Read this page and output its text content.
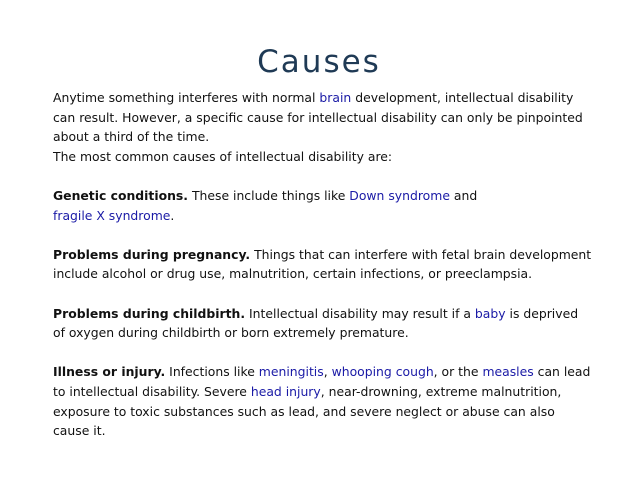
Causes

Anytime something interferes with normal brain development, intellectual disability can result. However, a specific cause for intellectual disability can only be pinpointed about a third of the time.
The most common causes of intellectual disability are:

Genetic conditions. These include things like Down syndrome and
fragile X syndrome.

Problems during pregnancy. Things that can interfere with fetal brain development include alcohol or drug use, malnutrition, certain infections, or preeclampsia.

Problems during childbirth. Intellectual disability may result if a baby is deprived of oxygen during childbirth or born extremely premature.

Illness or injury. Infections like meningitis, whooping cough, or the measles can lead to intellectual disability. Severe head injury, near-drowning, extreme malnutrition, exposure to toxic substances such as lead, and severe neglect or abuse can also cause it.
